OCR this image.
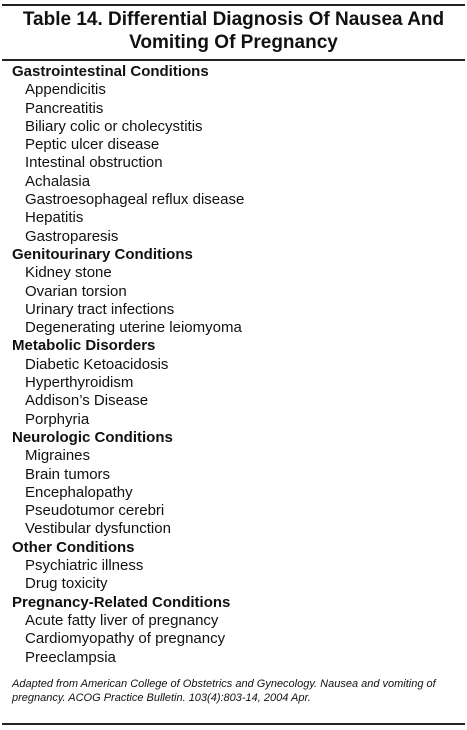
Table 14. Differential Diagnosis Of Nausea And Vomiting Of Pregnancy

Gastrointestinal Conditions

Appendicitis

Pancreatitis

Biliary colic or cholecystitis

Peptic ulcer disease

Intestinal obstruction

Achalasia

Gastroesophageal reflux disease

Hepatitis

Gastroparesis

Genitourinary Conditions

Kidney stone

Ovarian torsion

Urinary tract infections

Degenerating uterine leiomyoma

Metabolic Disorders

Diabetic Ketoacidosis

Hyperthyroidism

Addison’s Disease

Porphyria

Neurologic Conditions

Migraines

Brain tumors

Encephalopathy

Pseudotumor cerebri

Vestibular dysfunction

Other Conditions

Psychiatric illness

Drug toxicity

Pregnancy-Related Conditions

Acute fatty liver of pregnancy

Cardiomyopathy of pregnancy

Preeclampsia

Adapted from American College of Obstetrics and Gynecology. Nausea and vomiting of pregnancy. ACOG Practice Bulletin. 103(4):803-14, 2004 Apr.
